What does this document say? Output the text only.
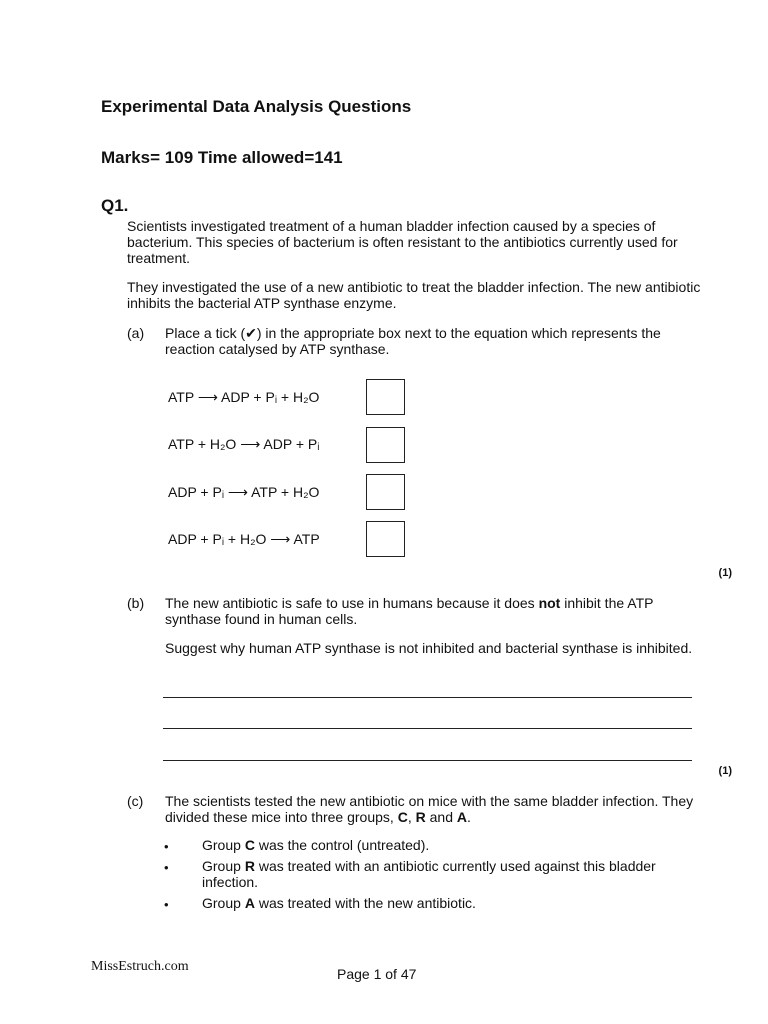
Experimental Data Analysis Questions
Marks= 109 Time allowed=141
Q1.
Scientists investigated treatment of a human bladder infection caused by a species of bacterium. This species of bacterium is often resistant to the antibiotics currently used for treatment.
They investigated the use of a new antibiotic to treat the bladder infection. The new antibiotic inhibits the bacterial ATP synthase enzyme.
(a) Place a tick (✔) in the appropriate box next to the equation which represents the reaction catalysed by ATP synthase.
ATP ⟶ ADP + Pᵢ + H₂O
ATP + H₂O ⟶ ADP + Pᵢ
ADP + Pᵢ ⟶ ATP + H₂O
ADP + Pᵢ + H₂O ⟶ ATP
(1)
(b) The new antibiotic is safe to use in humans because it does not inhibit the ATP synthase found in human cells.
Suggest why human ATP synthase is not inhibited and bacterial synthase is inhibited.
(1)
(c) The scientists tested the new antibiotic on mice with the same bladder infection. They divided these mice into three groups, C, R and A.
• Group C was the control (untreated).
• Group R was treated with an antibiotic currently used against this bladder infection.
• Group A was treated with the new antibiotic.
MissEstruch.com	Page 1 of 47
